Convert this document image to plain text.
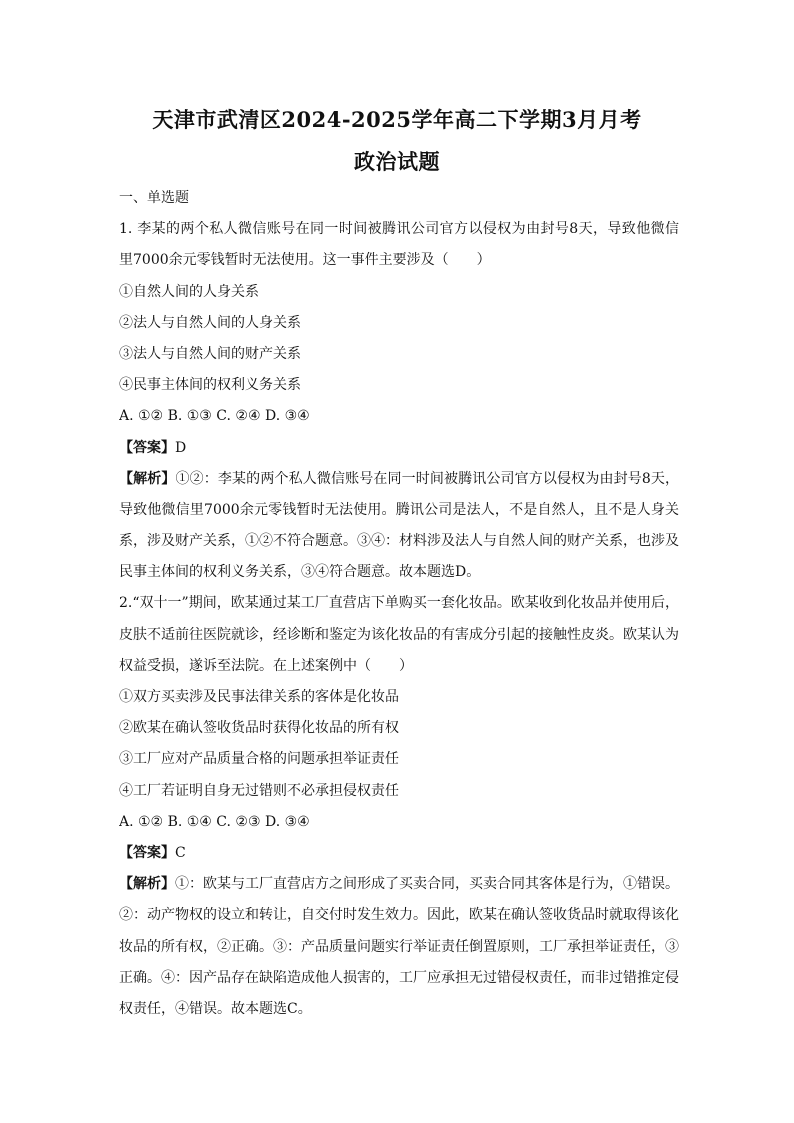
天津市武清区2024-2025学年高二下学期3月月考
政治试题
一、单选题
1. 李某的两个私人微信账号在同一时间被腾讯公司官方以侵权为由封号8天，导致他微信
里7000余元零钱暂时无法使用。这一事件主要涉及（　　）
①自然人间的人身关系
②法人与自然人间的人身关系
③法人与自然人间的财产关系
④民事主体间的权利义务关系
A. ①② B. ①③ C. ②④ D. ③④
【答案】D
【解析】①②：李某的两个私人微信账号在同一时间被腾讯公司官方以侵权为由封号8天，
导致他微信里7000余元零钱暂时无法使用。腾讯公司是法人，不是自然人，且不是人身关
系，涉及财产关系，①②不符合题意。③④：材料涉及法人与自然人间的财产关系，也涉及
民事主体间的权利义务关系，③④符合题意。故本题选D。
2.“双十一”期间，欧某通过某工厂直营店下单购买一套化妆品。欧某收到化妆品并使用后，
皮肤不适前往医院就诊，经诊断和鉴定为该化妆品的有害成分引起的接触性皮炎。欧某认为
权益受损，遂诉至法院。在上述案例中（　　）
①双方买卖涉及民事法律关系的客体是化妆品
②欧某在确认签收货品时获得化妆品的所有权
③工厂应对产品质量合格的问题承担举证责任
④工厂若证明自身无过错则不必承担侵权责任
A. ①② B. ①④ C. ②③ D. ③④
【答案】C
【解析】①：欧某与工厂直营店方之间形成了买卖合同，买卖合同其客体是行为，①错误。
②：动产物权的设立和转让，自交付时发生效力。因此，欧某在确认签收货品时就取得该化
妆品的所有权，②正确。③：产品质量问题实行举证责任倒置原则，工厂承担举证责任，③
正确。④：因产品存在缺陷造成他人损害的，工厂应承担无过错侵权责任，而非过错推定侵
权责任，④错误。故本题选C。
